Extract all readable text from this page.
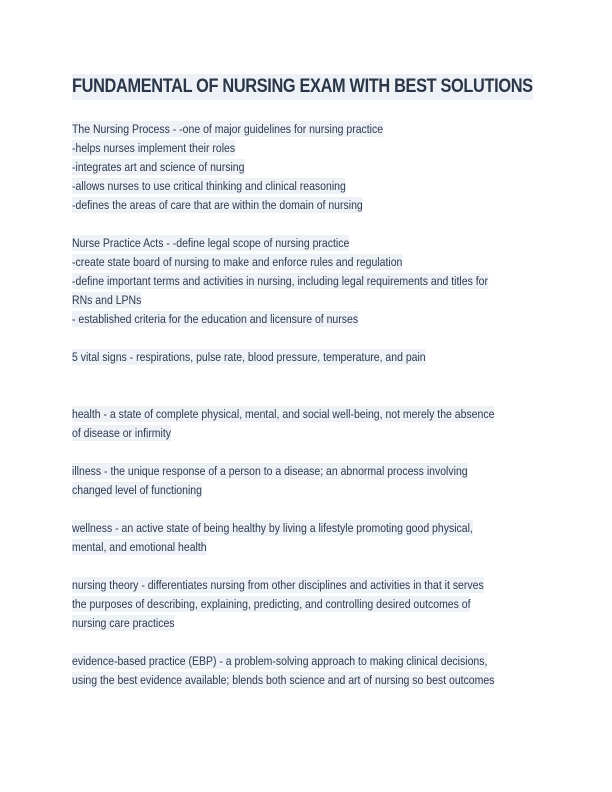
FUNDAMENTAL OF NURSING EXAM WITH BEST SOLUTIONS
The Nursing Process - -one of major guidelines for nursing practice
-helps nurses implement their roles
-integrates art and science of nursing
-allows nurses to use critical thinking and clinical reasoning
-defines the areas of care that are within the domain of nursing
Nurse Practice Acts - -define legal scope of nursing practice
-create state board of nursing to make and enforce rules and regulation
-define important terms and activities in nursing, including legal requirements and titles for
RNs and LPNs
- established criteria for the education and licensure of nurses
5 vital signs - respirations, pulse rate, blood pressure, temperature, and pain
health - a state of complete physical, mental, and social well-being, not merely the absence
of disease or infirmity
illness - the unique response of a person to a disease; an abnormal process involving
changed level of functioning
wellness - an active state of being healthy by living a lifestyle promoting good physical,
mental, and emotional health
nursing theory - differentiates nursing from other disciplines and activities in that it serves
the purposes of describing, explaining, predicting, and controlling desired outcomes of
nursing care practices
evidence-based practice (EBP) - a problem-solving approach to making clinical decisions,
using the best evidence available; blends both science and art of nursing so best outcomes
